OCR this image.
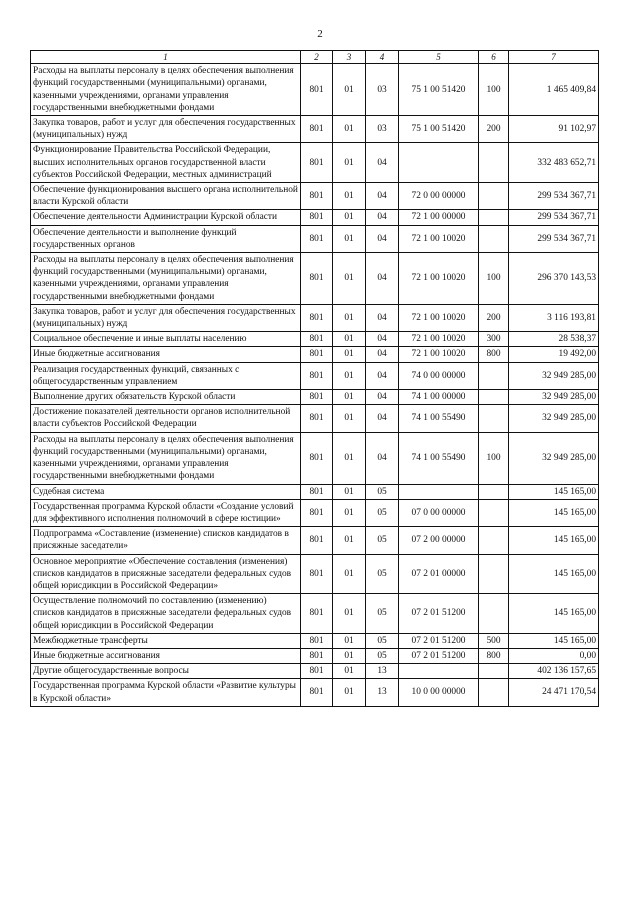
2
1	2	3	4	5	6	7
Расходы на выплаты персоналу в целях обеспечения выполнения функций государственными (муниципальными) органами, казенными учреждениями, органами управления государственными внебюджетными фондами	801	01	03	75 1 00 51420	100	1 465 409,84
Закупка товаров, работ и услуг для обеспечения государственных (муниципальных) нужд	801	01	03	75 1 00 51420	200	91 102,97
Функционирование Правительства Российской Федерации, высших исполнительных органов государственной власти субъектов Российской Федерации, местных администраций	801	01	04			332 483 652,71
Обеспечение функционирования высшего органа исполнительной власти Курской области	801	01	04	72 0 00 00000		299 534 367,71
Обеспечение деятельности Администрации Курской области	801	01	04	72 1 00 00000		299 534 367,71
Обеспечение деятельности и выполнение функций государственных органов	801	01	04	72 1 00 10020		299 534 367,71
Расходы на выплаты персоналу в целях обеспечения выполнения функций государственными (муниципальными) органами, казенными учреждениями, органами управления государственными внебюджетными фондами	801	01	04	72 1 00 10020	100	296 370 143,53
Закупка товаров, работ и услуг для обеспечения государственных (муниципальных) нужд	801	01	04	72 1 00 10020	200	3 116 193,81
Социальное обеспечение и иные выплаты населению	801	01	04	72 1 00 10020	300	28 538,37
Иные бюджетные ассигнования	801	01	04	72 1 00 10020	800	19 492,00
Реализация государственных функций, связанных с общегосударственным управлением	801	01	04	74 0 00 00000		32 949 285,00
Выполнение других обязательств Курской области	801	01	04	74 1 00 00000		32 949 285,00
Достижение показателей деятельности органов исполнительной власти субъектов Российской Федерации	801	01	04	74 1 00 55490		32 949 285,00
Расходы на выплаты персоналу в целях обеспечения выполнения функций государственными (муниципальными) органами, казенными учреждениями, органами управления государственными внебюджетными фондами	801	01	04	74 1 00 55490	100	32 949 285,00
Судебная система	801	01	05			145 165,00
Государственная программа Курской области «Создание условий для эффективного исполнения полномочий в сфере юстиции»	801	01	05	07 0 00 00000		145 165,00
Подпрограмма «Составление (изменение) списков кандидатов в присяжные заседатели»	801	01	05	07 2 00 00000		145 165,00
Основное мероприятие «Обеспечение составления (изменения) списков кандидатов в присяжные заседатели федеральных судов общей юрисдикции в Российской Федерации»	801	01	05	07 2 01 00000		145 165,00
Осуществление полномочий по составлению (изменению) списков кандидатов в присяжные заседатели федеральных судов общей юрисдикции в Российской Федерации	801	01	05	07 2 01 51200		145 165,00
Межбюджетные трансферты	801	01	05	07 2 01 51200	500	145 165,00
Иные бюджетные ассигнования	801	01	05	07 2 01 51200	800	0,00
Другие общегосударственные вопросы	801	01	13			402 136 157,65
Государственная программа Курской области «Развитие культуры в Курской области»	801	01	13	10 0 00 00000		24 471 170,54
